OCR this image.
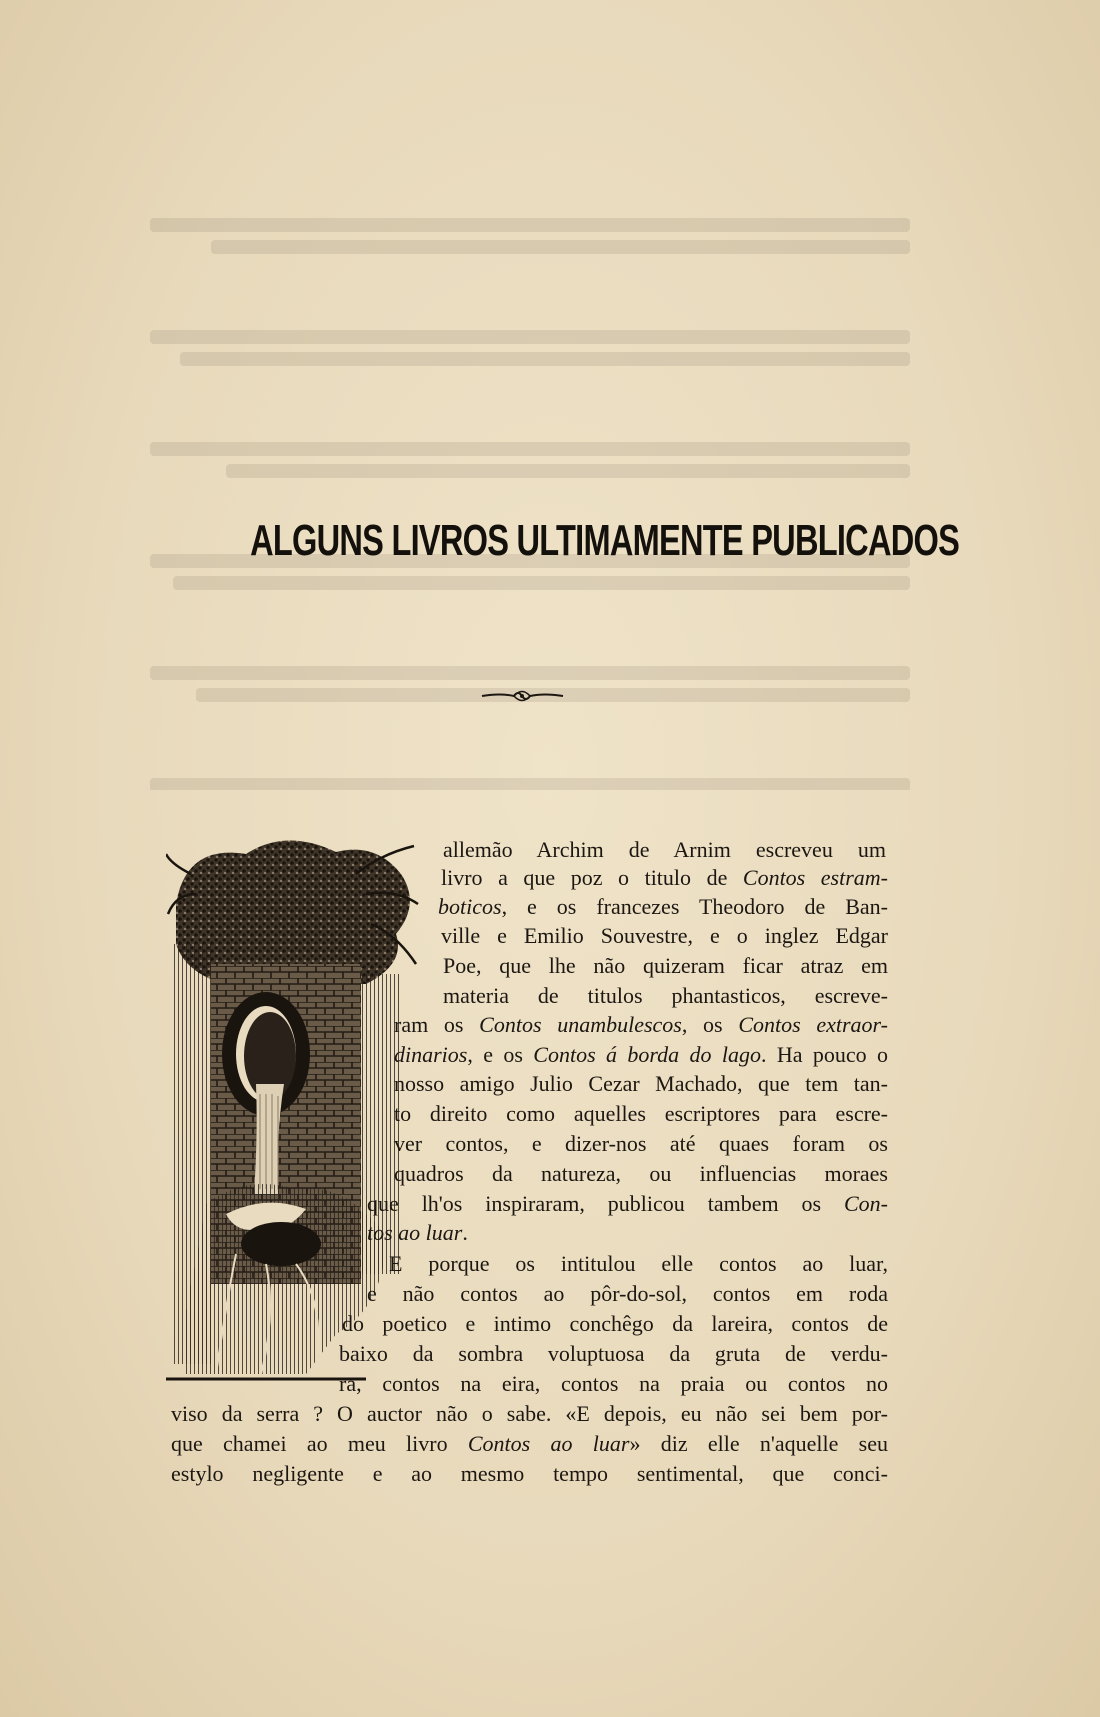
ALGUNS LIVROS ULTIMAMENTE PUBLICADOS
allemão Archim de Arnim escreveu um
livro a que poz o titulo de Contos estram-
boticos, e os francezes Theodoro de Ban-
ville e Emilio Souvestre, e o inglez Edgar
Poe, que lhe não quizeram ficar atraz em
materia de titulos phantasticos, escreve-
ram os Contos unambulescos, os Contos extraor-
dinarios, e os Contos á borda do lago. Ha pouco o
nosso amigo Julio Cezar Machado, que tem tan-
to direito como aquelles escriptores para escre-
ver contos, e dizer-nos até quaes foram os
quadros da natureza, ou influencias moraes
que lh'os inspiraram, publicou tambem os Con-
tos ao luar.
E porque os intitulou elle contos ao luar,
e não contos ao pôr-do-sol, contos em roda
do poetico e intimo conchêgo da lareira, contos de
baixo da sombra voluptuosa da gruta de verdu-
ra, contos na eira, contos na praia ou contos no
viso da serra ? O auctor não o sabe. «E depois, eu não sei bem por-
que chamei ao meu livro Contos ao luar» diz elle n'aquelle seu
estylo negligente e ao mesmo tempo sentimental, que conci-
